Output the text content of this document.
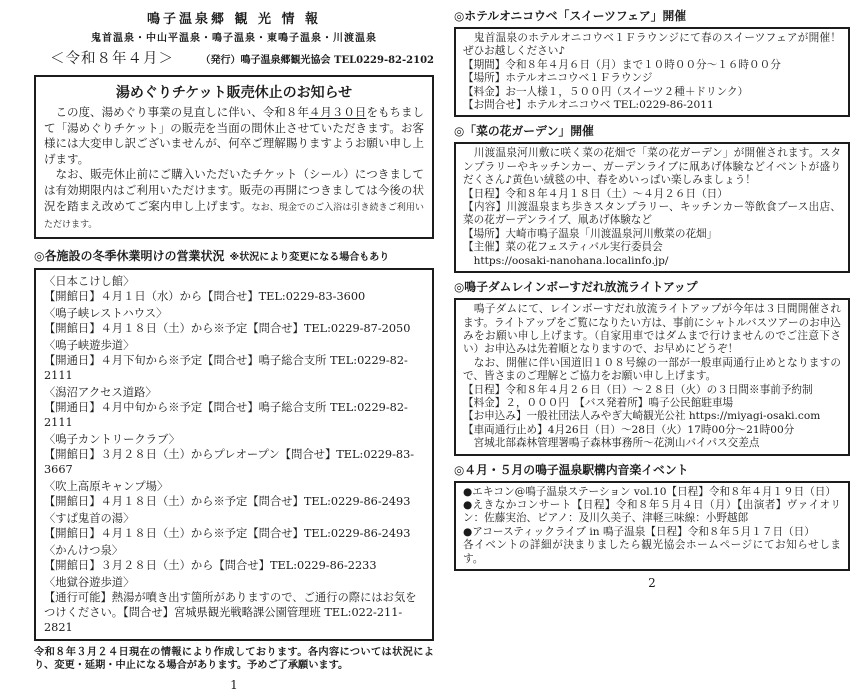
鳴子温泉郷 観 光 情 報
鬼首温泉・中山平温泉・鳴子温泉・東鳴子温泉・川渡温泉
＜令和８年４月＞	（発行）鳴子温泉郷観光協会 TEL0229-82-2102
湯めぐりチケット販売休止のお知らせ
　この度、湯めぐり事業の見直しに伴い、令和８年４月３０日をもちまして「湯めぐりチケット」の販売を当面の間休止させていただきます。お客様には大変申し訳ございませんが、何卒ご理解賜りますようお願い申し上げます。
　なお、販売休止前にご購入いただいたチケット（シール）につきましては有効期限内はご利用いただけます。販売の再開につきましては今後の状況を踏まえ改めてご案内申し上げます。なお、現金でのご入浴は引き続きご利用いただけます。
◎各施設の冬季休業明けの営業状況 ※状況により変更になる場合もあり
〈日本こけし館〉
【開館日】４月１日（水）から【問合せ】TEL:0229-83-3600
〈鳴子峡レストハウス〉
【開館日】４月１８日（土）から※予定【問合せ】TEL:0229-87-2050
〈鳴子峡遊歩道〉
【開通日】４月下旬から※予定【問合せ】鳴子総合支所 TEL:0229-82-2111
〈潟沼アクセス道路〉
【開通日】４月中旬から※予定【問合せ】鳴子総合支所 TEL:0229-82-2111
〈鳴子カントリークラブ〉
【開館日】３月２８日（土）からプレオープン【問合せ】TEL:0229-83-3667
〈吹上高原キャンプ場〉
【開館日】４月１８日（土）から※予定【問合せ】TEL:0229-86-2493
〈すぱ鬼首の湯〉
【開館日】４月１８日（土）から※予定【問合せ】TEL:0229-86-2493
〈かんけつ泉〉
【開館日】３月２８日（土）から【問合せ】TEL:0229-86-2233
〈地獄谷遊歩道〉
【通行可能】熱湯が噴き出す箇所がありますので、ご通行の際にはお気をつけください。【問合せ】宮城県観光戦略課公園管理班 TEL:022-211-2821
令和８年３月２４日現在の情報により作成しております。各内容については状況により、変更・延期・中止になる場合があります。予めご了承願います。
1
◎ホテルオニコウベ「スイーツフェア」開催
　鬼首温泉のホテルオニコウベ１Ｆラウンジにて春のスイーツフェアが開催！ぜひお越しください♪
【期間】令和８年４月６日（月）まで１０時００分～１６時００分
【場所】ホテルオニコウベ１Ｆラウンジ
【料金】お一人様１，５００円（スイーツ２種＋ドリンク）
【お問合せ】ホテルオニコウベ TEL:0229-86-2011
◎「菜の花ガーデン」開催
　川渡温泉河川敷に咲く菜の花畑で「菜の花ガーデン」が開催されます。スタンプラリーやキッチンカー、ガーデンライブに凧あげ体験などイベントが盛りだくさん♪黄色い絨毯の中、春をめいっぱい楽しみましょう！
【日程】令和８年４月１８日（土）～４月２６日（日）
【内容】川渡温泉まち歩きスタンプラリー、キッチンカー等飲食ブース出店、菜の花ガーデンライブ、凧あげ体験など
【場所】大崎市鳴子温泉「川渡温泉河川敷菜の花畑」
【主催】菜の花フェスティバル実行委員会
　https://oosaki-nanohana.localinfo.jp/
◎鳴子ダムレインボーすだれ放流ライトアップ
　鳴子ダムにて、レインボーすだれ放流ライトアップが今年は３日間開催されます。ライトアップをご覧になりたい方は、事前にシャトルバスツアーのお申込みをお願い申し上げます。（自家用車ではダムまで行けませんのでご注意下さい）お申込みは先着順となりますので、お早めにどうぞ！
　なお、開催に伴い国道旧１０８号線の一部が一般車両通行止めとなりますので、皆さまのご理解とご協力をお願い申し上げます。
【日程】令和８年４月２６日（日）～２８日（火）の３日間※事前予約制
【料金】２，０００円　【バス発着所】鳴子公民館駐車場
【お申込み】一般社団法人みやぎ大崎観光公社 https://miyagi-osaki.com
【車両通行止め】4月26日（日）～28日（火）17時00分～21時00分
　宮城北部森林管理署鳴子森林事務所～花渕山バイパス交差点
◎４月・５月の鳴子温泉駅構内音楽イベント
●エキコン@鳴子温泉ステーション vol.10【日程】令和８年４月１９日（日）
●えきなかコンサート【日程】令和８年５月４日（月）【出演者】ヴァイオリン：佐藤実治、ピアノ：及川久美子、津軽三味線：小野越郎
●アコースティックライブ in 鳴子温泉【日程】令和８年５月１７日（日）
各イベントの詳細が決まりましたら観光協会ホームページにてお知らせします。
2
